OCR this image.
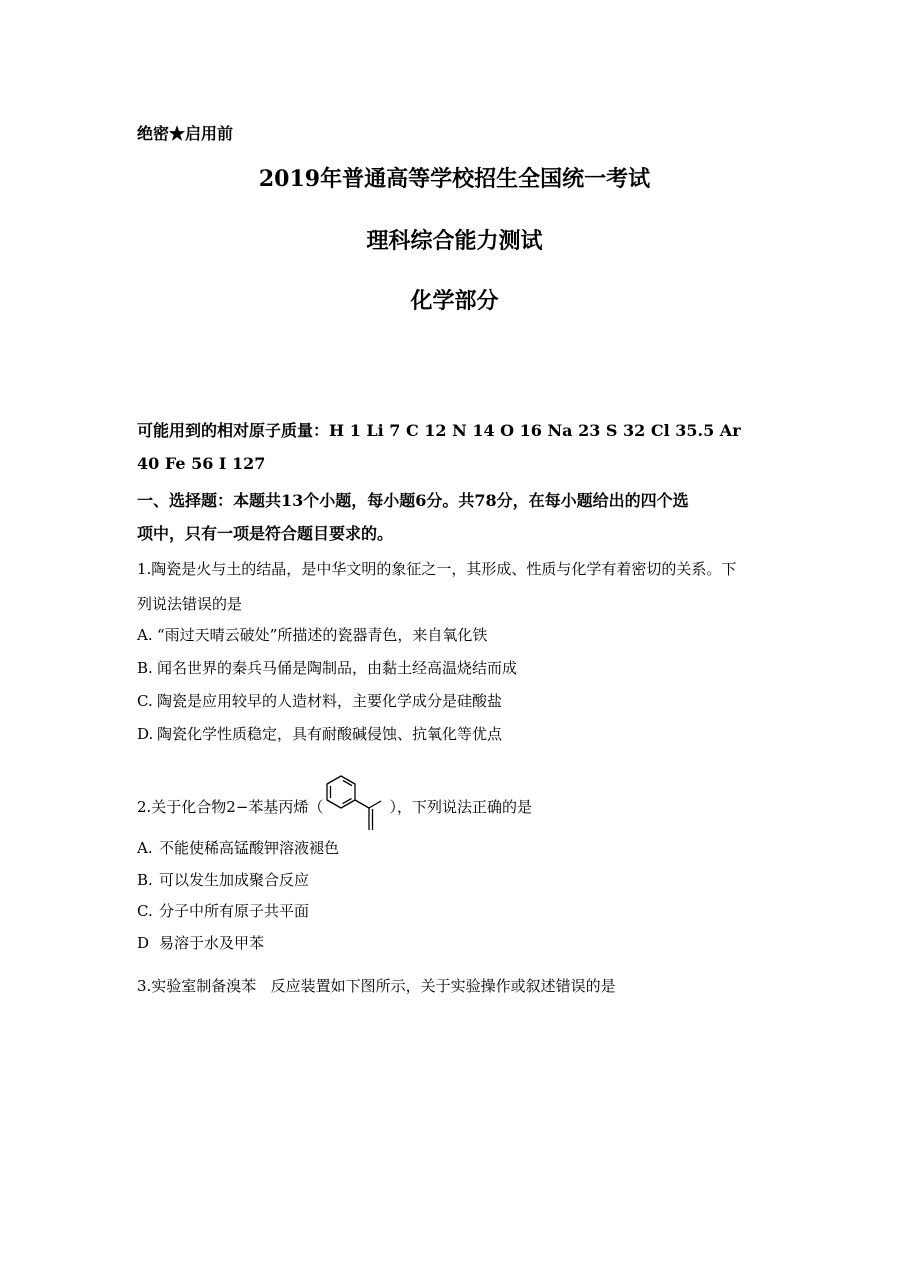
绝密★启用前
2019年普通高等学校招生全国统一考试
理科综合能力测试
化学部分
可能用到的相对原子质量：H 1 Li 7 C 12 N 14 O 16 Na 23 S 32 Cl 35.5 Ar
40 Fe 56 I 127
一、选择题：本题共13个小题，每小题6分。共78分，在每小题给出的四个选
项中，只有一项是符合题目要求的。
1.陶瓷是火与土的结晶，是中华文明的象征之一，其形成、性质与化学有着密切的关系。下
列说法错误的是
A. “雨过天晴云破处”所描述的瓷器青色，来自氧化铁
B. 闻名世界的秦兵马俑是陶制品，由黏土经高温烧结而成
C. 陶瓷是应用较早的人造材料，主要化学成分是硅酸盐
D. 陶瓷化学性质稳定，具有耐酸碱侵蚀、抗氧化等优点
2.关于化合物2−苯基丙烯（	），下列说法正确的是
A. 不能使稀高锰酸钾溶液褪色
B. 可以发生加成聚合反应
C. 分子中所有原子共平面
D 易溶于水及甲苯
3.实验室制备溴苯   反应装置如下图所示，关于实验操作或叙述错误的是
